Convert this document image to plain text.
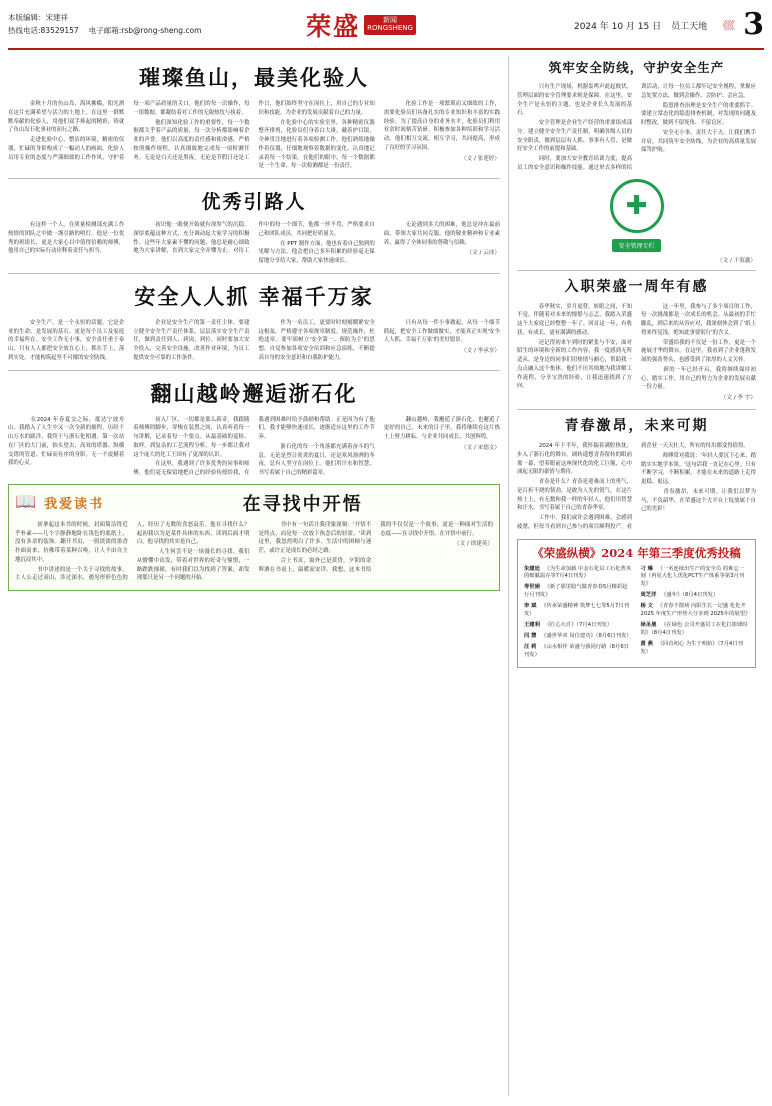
本版编辑：宋建祥
热线电话:83529157 电子邮箱:rsb@rong-sheng.com	荣盛	新闻
RONGSHENG	2024 年 10 月 15 日 员工天地 《《《 3
璀璨鱼山，最美化验人

　　金秋十月的鱼山岛，海风拂槛，阳光洒在这片充满希望与活力的土地上。在这里一群默默奉献的化验人，用他们双手捧起的精彩，铸就了鱼山岛石化事业的而行之路。

　　走进化验中心，整洁的环境，精密的仪器，忙碌的身影构成了一幅动人的画面。化验人员用专业的态度与严谨细致的工作作风，守护着每一项产品质量的关口。他们的每一次操作，每一组数据，都凝结着对工作的无限热忱与执着。

　　他们深知化验工作的重要性，每一个数据都关乎着产品的质量，每一次分析都影响着企业的声誉。他们以高度的责任感和使命感，严格按照操作规程，认真细致地完成每一项检测任务。无论是白天还是黑夜，无论是节假日还是工作日，他们始终坚守在岗位上，用自己的专业知识和技能，为企业的发展贡献着自己的力量。

　　在化验中心的实验室里，各种精密仪器整齐排列，化验员们身着白大褂，戴着护目镜，全神贯注地进行着各项检测工作。他们熟练地操作着仪器，仔细地观察着数据的变化，认真地记录着每一个结果。在他们的眼中，每一个数据都是一个生命，每一次检测都是一份责任。

　　化验工作是一项繁琐而又细致的工作，需要化验员们具备扎实的专业知识和丰富的实践经验。为了提高自身的业务水平，化验员们利用业余时间刻苦钻研，积极参加各种培训和学习活动。他们相互交流，相互学习，共同提高，形成了良好的学习氛围。

（文 / 张莲婷）
优秀引路人

　　有这样一个人，在质量检测部充满工作热情的团队之中做一盏引路的明灯。他是一位优秀的班组长，更是大家心目中值得信赖的师傅，他用自己的实际行动诠释着责任与担当。

　　初识他一眼便开始就有深厚气的沉稳，深厚底蕴这种方式，充分调动起大家学习的积极性。这些年大家素不懂的问题，他总是耐心细致地为大家讲解，直到大家完全弄懂为止。对待工作中的每一个细节，他都一丝不苟，严格要求自己和团队成员，共同把好质量关。

　　在 PPT 制作方面，他也有着自己独到的见解与方法。他会把自己多年积累的经验毫无保留地分享给大家，帮助大家快速成长。

　　无论遇到多大的困难，他总是冲在最前面，带领大家共同克服。他的敬业精神和专业素养，赢得了全体同事的尊敬与信赖。

（文 / 云冰）
安全人人抓 幸福千万家

　　安全生产，是一个永恒的话题。它是企业的生命，是发展的基石，更是每个员工及家庭的幸福所在。安全工作无小事，安全责任重于泰山，只有人人都把安全放在心上，抓在手上，落到实处，才能构筑起坚不可摧的安全防线。

　　企业是安全生产的第一责任主体。要建立健全安全生产责任体系，层层落实安全生产责任，做到责任到人、到岗、到位。同时要加大安全投入，完善安全设施，改善作业环境，为员工提供安全可靠的工作条件。

　　作为一名员工，更要时时刻刻绷紧安全这根弦，严格遵守各项规章制度，规范操作，杜绝违章。要牢固树立'安全第一、预防为主'的思想，自觉参加各项安全培训和应急演练，不断提高自身的安全意识和自我防护能力。

　　只有从每一件小事做起，从每一个细节抓起，把安全工作做细做实，才能真正实现'安全人人抓、幸福千万家'的美好愿景。

（文 / 李承享）
翻山越岭邂逅浙石化

　　在2024 年春夏交之际，抵达宁波舟山，我踏入了人生中又一次全新的旅程。历经千山万水的跋涉，我终于与浙石化相遇。第一次站在厂区的大门前，抬头望去，高耸的塔器、纵横交错的管道、忙碌而有序的身影，无一不震撼着我的心灵。

　　初入厂区，一切都是那么新奇。我跟随着师傅的脚步，穿梭在装置之间，认真听着每一句讲解，记录着每一个要点。从最基础的巡检、取样，到复杂的工艺流程分析，每一步都让我对这个庞大的化工王国有了更深的认识。

　　在这里，我遇到了许多优秀的同事和师傅。他们毫无保留地把自己的经验传授给我，在我遇到困难时给予鼓励和帮助。正是因为有了他们，我才能够快速成长，逐渐适应这里的工作节奏。

　　浙石化的每一个角落都充满着奋斗的气息。无论是烈日炎炎的夏日，还是寒风凛冽的冬夜，总有人坚守在岗位上。他们用汗水和智慧，书写着属于自己的精彩篇章。

　　翻山越岭，我邂逅了浙石化，也邂逅了更好的自己。未来的日子里，我将继续在这片热土上努力耕耘，与企业共同成长，共创辉煌。

（文 / 宋德文）
📖 我爱读书	在寻找中开悟

　　初拿起这本书的时候，封面简洁得近乎朴素——几个字静静地卧在浅色的底纸上，没有多余的装饰。翻开书页，一股淡淡的墨香扑面而来，仿佛带着某种召唤，让人不由自主地沉浸其中。

　　书中讲述的是一个关于寻找的故事。主人公走过高山，涉过深水，遇见形形色色的人，经历了无数的喜怒哀乐。他在寻找什么？起初我以为是某件具体的东西，读到后面才明白，他寻找的其实是自己。

　　人生何尝不是一场漫长的寻找。我们从懵懂中出发，带着对世界的好奇与憧憬，一路跌跌撞撞。有时我们以为找到了答案，却发现那只是另一个问题的开始。

　　书中有一句话让我印象深刻：'开悟不是终点，而是每一次放下执念后的轻盈。'读到这里，我忽然明白了许多。生活中的困顿与迷茫，或许正是成长的必经之路。

　　合上书页，窗外已是黄昏。夕阳的余晖洒在书桌上，温暖而安详。我想，这本书给我的不仅仅是一个故事，更是一种面对生活的态度——在寻找中开悟，在开悟中前行。

（文 / 徐建英）
筑牢安全防线，守护安全生产

　　只有生产现场，机器轰鸣声此起彼伏，管理层面的安全管理要求则是保障。在这里，安全生产是永恒的主题，也是企业长久发展的基石。

　　安全管理是企业生产经营的重要组成部分。建立健全安全生产责任制，明确各级人员的安全职责，做到层层有人抓、事事有人管，是做好安全工作的前提和基础。

　　同时，要加大安全教育培训力度，提高员工的安全意识和操作技能。通过形式多样的培训活动，让每一位员工都牢记安全规程，掌握应急处置方法，做到会操作、会防护、会应急。

　　隐患排查治理是安全生产的重要抓手。要建立常态化的隐患排查机制，对发现的问题及时整改，做到不留死角、不留盲区。

　　安全无小事，责任大于天。让我们携手并肩，共同筑牢安全防线，为企业的高质量发展保驾护航。

✚
安全管理专栏
（文 / 于海鑫）
入职荣盛一周年有感

　　春华秋实，岁月更替，转眼之间，不知不觉，伴随着对未来的憧憬与忐忑，我踏入荣盛这个大家庭已经整整一年了。回首这一年，有收获，有成长，更有满满的感动。

　　还记得初来乍到时的紧张与不安，面对陌生的环境和全新的工作内容，我一度感到无所适从。是身边的同事们用热情与耐心，帮助我一点点融入这个集体。他们不厌其烦地为我讲解工作流程，分享宝贵的经验，让我迅速找到了方向。

　　这一年里，我参与了多个项目的工作，每一次挑战都是一次成长的机会。从最初的手忙脚乱，到后来的从容应对，我深刻体会到了'纸上得来终觉浅，绝知此事要躬行'的含义。

　　荣盛给我的不仅是一份工作，更是一个施展才华的舞台。在这里，我看到了企业蓬勃发展的强劲势头，也感受到了浓厚的人文关怀。

　　新的一年已经开启，我将继续保持初心，踏实工作，用自己的努力为企业的发展贡献一份力量。

（文 / 李 宇）
青春激昂，未来可期

　　2024 年下半年，我怀揣着满腔热忱，步入了浙石化的舞台。调转遥想青春留转的眼前那一幕，望着眼前这座现代化的化工巨舰，心中涌起无限的豪情与期待。

　　青春是什么？青春是迎难而上的勇气，是百折不挠的韧劲，是敢为人先的锐气。在这片热土上，有无数和我一样的年轻人，他们用智慧和汗水，书写着属于自己的青春华章。

　　工作中，我们或许会遇到困难，会感到疲惫，但每当看到自己参与的项目顺利投产，看到企业一天天壮大，所有的付出都变得值得。

　　师傅常对我说：'年轻人要沉下心来，踏踏实实地学本领。'这句话我一直记在心里。只有不断学习，不断积累，才能在未来的道路上走得更稳、更远。

　　青春激昂，未来可期。让我们以梦为马，不负韶华，在荣盛这个大平台上绽放属于自己的光彩！

《荣盛纵横》2024 年第三季度优秀投稿
朱建廷 《为生命加载 中金石化员工石化菁英的细腻温存等7月4日刊发》
寿世娟 《新了那里隐气做青春春5月精彩起行月刊发》
李 斌 《传承荣盛精神 筑梦七七等5月7日刊发）
王建利 《匠心大自》（7月4日刊发）
闫 慧 《盛世华章 岗位建功》（8月6日刊发）
汪 莉 《山水相伴 荣盛与我同行路（8月6日刊发）
刁 琳 《一名连续出生产的安全员 的难忘一刻（再见大化人优化PCT生产体系等第3月刊发》
周芝洋 《盛年》（8月4日刊发）
杨 文 《青春不散场 向阳生长一记盛 化化开 2025 年度生产形势大分享到 2025年的展望》
徐圣晟 《在绿色 公司开盛员工在化打篮球时的》（8月4日刊发）
黄 燕 《回首初心 为生于明始》（7月4日刊发）
